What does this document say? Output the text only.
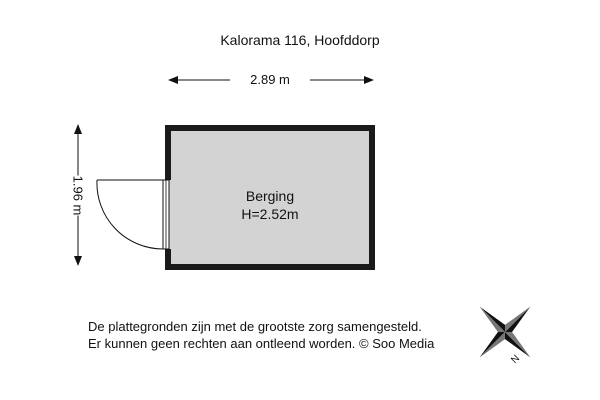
Kalorama 116, Hoofddorp
2.89 m
1.96 m	Berging
H=2.52m
De plattegronden zijn met de grootste zorg samengesteld.
Er kunnen geen rechten aan ontleend worden. © Soo Media
N
